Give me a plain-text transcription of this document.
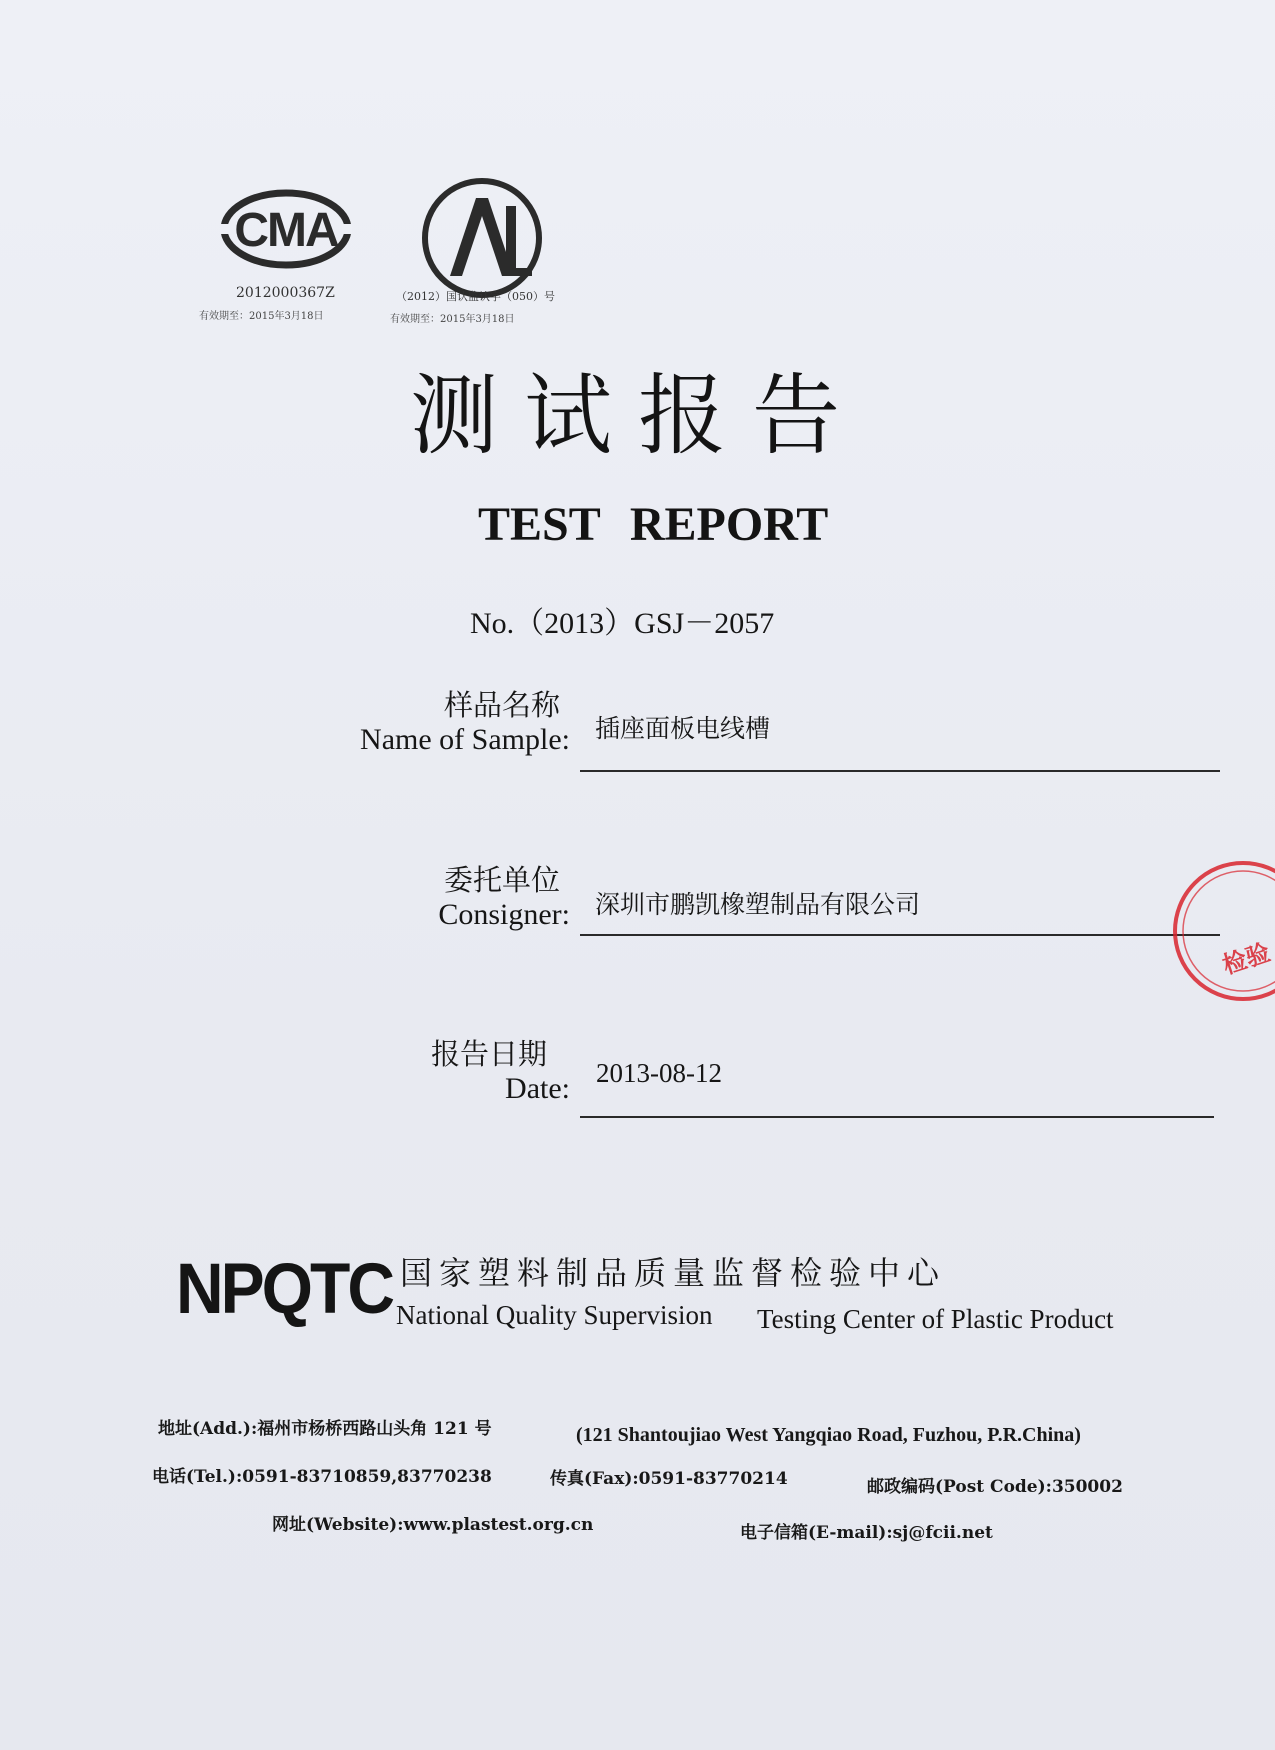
CMA
2012000367Z	（2012）国认监认字（050）号
有效期至：2015年3月18日	有效期至：2015年3月18日
测试报告
TEST REPORT
No.（2013）GSJ－2057
样品名称
Name of Sample: 插座面板电线槽
委托单位
Consigner: 深圳市鹏凯橡塑制品有限公司
报告日期
Date: 2013-08-12
NPQTC 国家塑料制品质量监督检验中心
National Quality Supervision Testing Center of Plastic Product
地址(Add.):福州市杨桥西路山头角 121 号	(121 Shantoujiao West Yangqiao Road, Fuzhou, P.R.China)
电话(Tel.):0591-83710859,83770238	传真(Fax):0591-83770214	邮政编码(Post Code):350002
网址(Website):www.plastest.org.cn	电子信箱(E-mail):sj@fcii.net
检验
